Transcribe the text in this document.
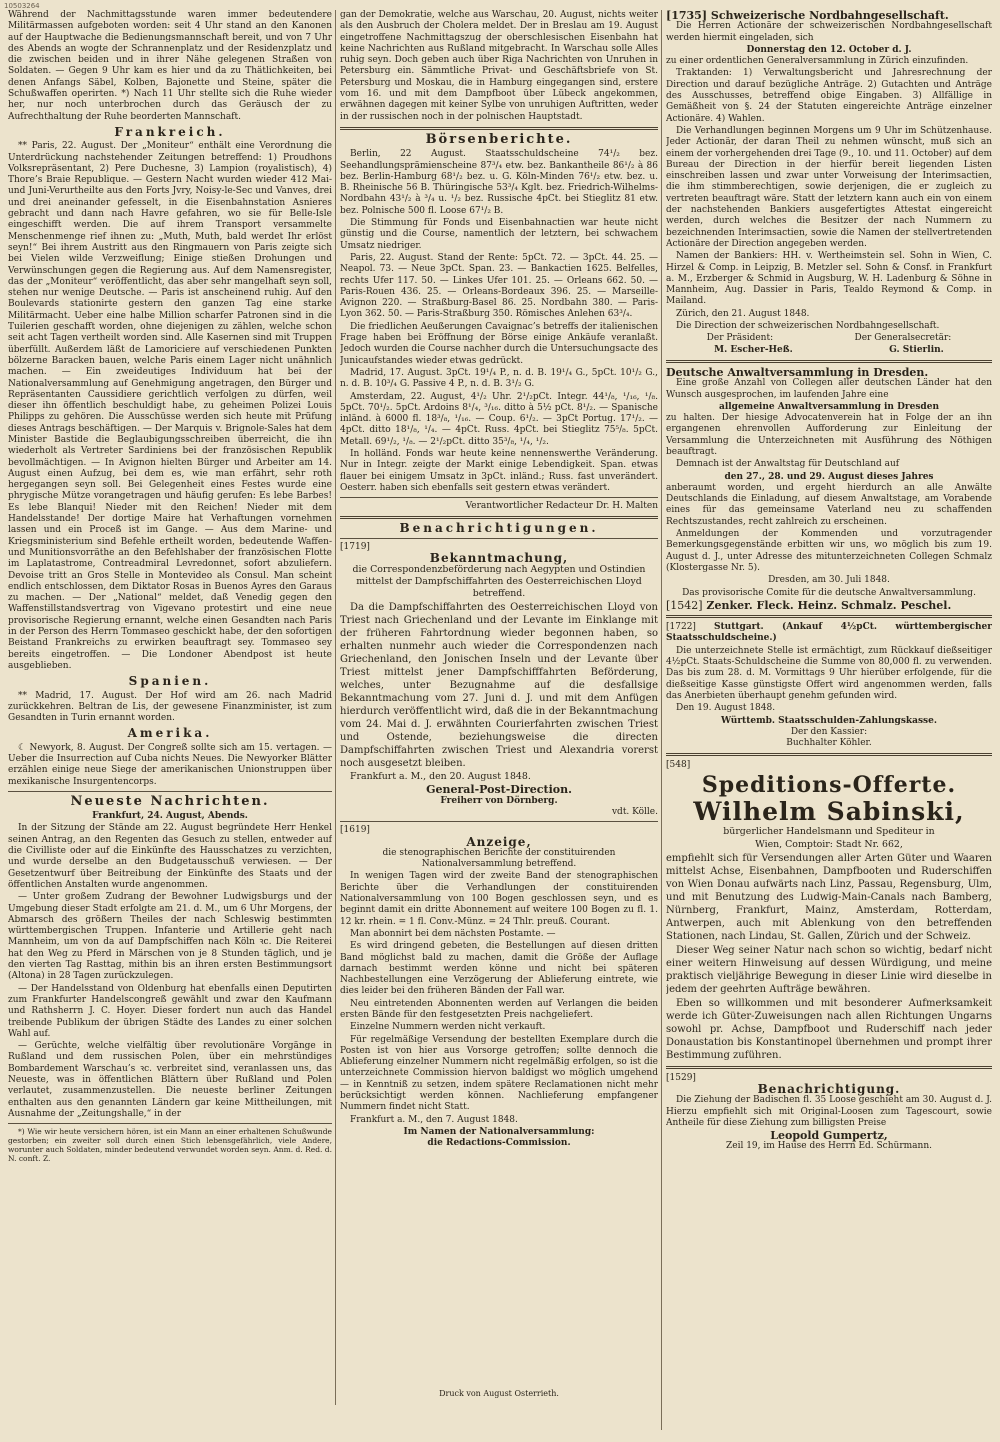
10503264

Während der Nachmittagsstunde waren immer bedeutendere Militärmassen aufgeboten worden: seit 4 Uhr stand an den Kanonen auf der Hauptwache die Bedienungsmannschaft bereit, und von 7 Uhr des Abends an wogte der Schrannenplatz und der Residenzplatz und die zwischen beiden und in ihrer Nähe gelegenen Straßen von Soldaten. — Gegen 9 Uhr kam es hier und da zu Thätlichkeiten, bei denen Anfangs Säbel, Kolben, Bajonette und Steine, später die Schußwaffen operirten. *) Nach 11 Uhr stellte sich die Ruhe wieder her, nur noch unterbrochen durch das Geräusch der zu Aufrechthaltung der Ruhe beorderten Mannschaft.

Frankreich.

** Paris, 22. August. Der „Moniteur“ enthält eine Verordnung die Unterdrückung nachstehender Zeitungen betreffend: 1) Proudhons Volksrepräsentant, 2) Pere Duchesne, 3) Lampion (royalistisch), 4) Thore’s Braie Republique. — Gestern Nacht wurden wieder 412 Mai- und Juni-Verurtheilte aus den Forts Jvry, Noisy-le-Sec und Vanves, drei und drei aneinander gefesselt, in die Eisenbahnstation Asnieres gebracht und dann nach Havre gefahren, wo sie für Belle-Isle eingeschifft werden. Die auf ihrem Transport versammelte Menschenmenge rief ihnen zu: „Muth, Muth, bald werdet Ihr erlöst seyn!“ Bei ihrem Austritt aus den Ringmauern von Paris zeigte sich bei Vielen wilde Verzweiflung; Einige stießen Drohungen und Verwünschungen gegen die Regierung aus. Auf dem Namensregister, das der „Moniteur“ veröffentlicht, das aber sehr mangelhaft seyn soll, stehen nur wenige Deutsche. — Paris ist anscheinend ruhig. Auf den Boulevards stationirte gestern den ganzen Tag eine starke Militärmacht. Ueber eine halbe Million scharfer Patronen sind in die Tuilerien geschafft worden, ohne diejenigen zu zählen, welche schon seit acht Tagen vertheilt worden sind. Alle Kasernen sind mit Truppen überfüllt. Außerdem läßt de Lamoriciere auf verschiedenen Punkten bölzerne Baracken bauen, welche Paris einem Lager nicht unähnlich machen. — Ein zweideutiges Individuum hat bei der Nationalversammlung auf Genehmigung angetragen, den Bürger und Repräsentanten Caussidiere gerichtlich verfolgen zu dürfen, weil dieser ihn öffentlich beschuldigt habe, zu geheimen Polizei Louis Philipps zu gehören. Die Ausschüsse werden sich heute mit Prüfung dieses Antrags beschäftigen. — Der Marquis v. Brignole-Sales hat dem Minister Bastide die Beglaubigungsschreiben überreicht, die ihn wiederholt als Vertreter Sardiniens bei der französischen Republik bevollmächtigen. — In Avignon hielten Bürger und Arbeiter am 14. August einen Aufzug, bei dem es, wie man erfährt, sehr roth hergegangen seyn soll. Bei Gelegenheit eines Festes wurde eine phrygische Mütze vorangetragen und häufig gerufen: Es lebe Barbes! Es lebe Blanqui! Nieder mit den Reichen! Nieder mit dem Handelsstande! Der dortige Maire hat Verhaftungen vornehmen lassen und ein Proceß ist im Gange. — Aus dem Marine- und Kriegsministerium sind Befehle ertheilt worden, bedeutende Waffen- und Munitionsvorräthe an den Befehlshaber der französischen Flotte im Laplatastrome, Contreadmiral Levredonnet, sofort abzuliefern. Devoise tritt an Gros Stelle in Montevideo als Consul. Man scheint endlich entschlossen, dem Diktator Rosas in Buenos Ayres den Garaus zu machen. — Der „National“ meldet, daß Venedig gegen den Waffenstillstandsvertrag von Vigevano protestirt und eine neue provisorische Regierung ernannt, welche einen Gesandten nach Paris in der Person des Herrn Tommaseo geschickt habe, der den sofortigen Beistand Frankreichs zu erwirken beauftragt sey. Tommaseo sey bereits eingetroffen. — Die Londoner Abendpost ist heute ausgeblieben.

Spanien.

** Madrid, 17. August. Der Hof wird am 26. nach Madrid zurückkehren. Beltran de Lis, der gewesene Finanzminister, ist zum Gesandten in Turin ernannt worden.

Amerika.

☾ Newyork, 8. August. Der Congreß sollte sich am 15. vertagen. — Ueber die Insurrection auf Cuba nichts Neues. Die Newyorker Blätter erzählen einige neue Siege der amerikanischen Unionstruppen über mexikanische Insurgentencorps.

Neueste Nachrichten.

Frankfurt, 24. August, Abends.

In der Sitzung der Stände am 22. August begründete Herr Henkel seinen Antrag, an den Regenten das Gesuch zu stellen, entweder auf die Civilliste oder auf die Einkünfte des Hausschatzes zu verzichten, und wurde derselbe an den Budgetausschuß verwiesen. — Der Gesetzentwurf über Beitreibung der Einkünfte des Staats und der öffentlichen Anstalten wurde angenommen.

— Unter großem Zudrang der Bewohner Ludwigsburgs und der Umgebung dieser Stadt erfolgte am 21. d. M., um 6 Uhr Morgens, der Abmarsch des größern Theiles der nach Schleswig bestimmten württembergischen Truppen. Infanterie und Artillerie geht nach Mannheim, um von da auf Dampfschiffen nach Köln ꝛc. Die Reiterei hat den Weg zu Pferd in Märschen von je 8 Stunden täglich, und je den vierten Tag Rasttag, mithin bis an ihren ersten Bestimmungsort (Altona) in 28 Tagen zurückzulegen.

— Der Handelsstand von Oldenburg hat ebenfalls einen Deputirten zum Frankfurter Handelscongreß gewählt und zwar den Kaufmann und Rathsherrn J. C. Hoyer. Dieser fordert nun auch das Handel treibende Publikum der übrigen Städte des Landes zu einer solchen Wahl auf.

— Gerüchte, welche vielfältig über revolutionäre Vorgänge in Rußland und dem russischen Polen, über ein mehrstündiges Bombardement Warschau’s ꝛc. verbreitet sind, veranlassen uns, das Neueste, was in öffentlichen Blättern über Rußland und Polen verlautet, zusammenzustellen. Die neueste berliner Zeitungen enthalten aus den genannten Ländern gar keine Mittheilungen, mit Ausnahme der „Zeitungshalle,“ in der

*) Wie wir heute versichern hören, ist ein Mann an einer erhaltenen Schußwunde gestorben; ein zweiter soll durch einen Stich lebensgefährlich, viele Andere, worunter auch Soldaten, minder bedeutend verwundet worden seyn. Anm. d. Red. d. N. conft. Z.

gan der Demokratie, welche aus Warschau, 20. August, nichts weiter als den Ausbruch der Cholera meldet. Der in Breslau am 19. August eingetroffene Nachmittagszug der oberschlesischen Eisenbahn hat keine Nachrichten aus Rußland mitgebracht. In Warschau solle Alles ruhig seyn. Doch geben auch über Riga Nachrichten von Unruhen in Petersburg ein. Sämmtliche Privat- und Geschäftsbriefe von St. Petersburg und Moskau, die in Hamburg eingegangen sind, erstere vom 16. und mit dem Dampfboot über Lübeck angekommen, erwähnen dagegen mit keiner Sylbe von unruhigen Auftritten, weder in der russischen noch in der polnischen Hauptstadt.

Börsenberichte.

Berlin, 22 August. Staatsschuldscheine 74¹/₂ bez. Seehandlungsprämienscheine 87³/₄ etw. bez. Bankantheile 86¹/₂ à 86 bez. Berlin-Hamburg 68¹/₂ bez. u. G. Köln-Minden 76¹/₂ etw. bez. u. B. Rheinische 56 B. Thüringische 53³/₄ Kglt. bez. Friedrich-Wilhelms-Nordbahn 43¹/₂ à ³/₄ u. ¹/₂ bez. Russische 4pCt. bei Stieglitz 81 etw. bez. Polnische 500 fl. Loose 67¹/₂ B.

Die Stimmung für Fonds und Eisenbahnactien war heute nicht günstig und die Course, namentlich der letztern, bei schwachem Umsatz niedriger.

Paris, 22. August. Stand der Rente: 5pCt. 72. — 3pCt. 44. 25. — Neapol. 73. — Neue 3pCt. Span. 23. — Bankactien 1625. Belfelles, rechts Ufer 117. 50. — Linkes Ufer 101. 25. — Orleans 662. 50. — Paris-Rouen 436. 25. — Orleans-Bordeaux 396. 25. — Marseille-Avignon 220. — Straßburg-Basel 86. 25. Nordbahn 380. — Paris-Lyon 362. 50. — Paris-Straßburg 350. Römisches Anlehen 63³/₄.

Die friedlichen Aeußerungen Cavaignac’s betreffs der italienischen Frage haben bei Eröffnung der Börse einige Ankäufe veranlaßt. Jedoch wurden die Course nachher durch die Untersuchungsacte des Junicaufstandes wieder etwas gedrückt.

Madrid, 17. August. 3pCt. 19¹/₄ P., n. d. B. 19¹/₄ G., 5pCt. 10¹/₂ G., n. d. B. 10³/₄ G. Passive 4 P., n. d. B. 3¹/₂ G.

Amsterdam, 22. August, 4¹/₂ Uhr. 2¹/₂pCt. Integr. 44¹/₈, ¹/₁₆, ¹/₈. 5pCt. 70¹/₂. 5pCt. Ardoins 8¹/₄, ³/₁₆. ditto à 5½ pCt. 8¹/₂. — Spanische inländ. à 6000 fl. 18³/₈, ¹/₁₆. — Coup. 6¹/₂. — 3pCt Portug. 17¹/₂. — 4pCt. ditto 18¹/₈, ¹/₄. — 4pCt. Russ. 4pCt. bei Stieglitz 75⁵/₈. 5pCt. Metall. 69¹/₂, ¹/₈. — 2¹/₂pCt. ditto 35³/₈, ¹/₄, ¹/₂.

In holländ. Fonds war heute keine nennenswerthe Veränderung. Nur in Integr. zeigte der Markt einige Lebendigkeit. Span. etwas flauer bei einigem Umsatz in 3pCt. inländ.; Russ. fast unverändert. Oesterr. haben sich ebenfalls seit gestern etwas verändert.

Verantwortlicher Redacteur Dr. H. Malten

Benachrichtigungen.
[1719]
Bekanntmachung,

die Correspondenzbeförderung nach Aegypten und Ostindien mittelst der Dampfschiffahrten des Oesterreichischen Lloyd betreffend.

Da die Dampfschiffahrten des Oesterreichischen Lloyd von Triest nach Griechenland und der Levante im Einklange mit der früheren Fahrtordnung wieder begonnen haben, so erhalten nunmehr auch wieder die Correspondenzen nach Griechenland, den Jonischen Inseln und der Levante über Triest mittelst jener Dampfschifffahrten Beförderung, welches, unter Bezugnahme auf die desfallsige Bekanntmachung vom 27. Juni d. J. und mit dem Anfügen hierdurch veröffentlicht wird, daß die in der Bekanntmachung vom 24. Mai d. J. erwähnten Courierfahrten zwischen Triest und Ostende, beziehungsweise die directen Dampfschiffahrten zwischen Triest und Alexandria vorerst noch ausgesetzt bleiben.

Frankfurt a. M., den 20. August 1848.

General-Post-Direction.
Freiherr von Dörnberg.
vdt. Kölle.
[1619]
Anzeige,

die stenographischen Berichte der constituirenden Nationalversammlung betreffend.

In wenigen Tagen wird der zweite Band der stenographischen Berichte über die Verhandlungen der constituirenden Nationalversammlung von 100 Bogen geschlossen seyn, und es beginnt damit ein dritte Abonnement auf weitere 100 Bogen zu fl. 1. 12 kr. rhein. = 1 fl. Conv.-Münz. = 24 Thlr. preuß. Courant.

Man abonnirt bei dem nächsten Postamte. —

Es wird dringend gebeten, die Bestellungen auf diesen dritten Band möglichst bald zu machen, damit die Größe der Auflage darnach bestimmt werden könne und nicht bei späteren Nachbestellungen eine Verzögerung der Ablieferung eintrete, wie dies leider bei den früheren Bänden der Fall war.

Neu eintretenden Abonnenten werden auf Verlangen die beiden ersten Bände für den festgesetzten Preis nachgeliefert.

Einzelne Nummern werden nicht verkauft.

Für regelmäßige Versendung der bestellten Exemplare durch die Posten ist von hier aus Vorsorge getroffen; sollte dennoch die Ablieferung einzelner Nummern nicht regelmäßig erfolgen, so ist die unterzeichnete Commission hiervon baldigst wo möglich umgehend — in Kenntniß zu setzen, indem spätere Reclamationen nicht mehr berücksichtigt werden können. Nachlieferung empfangener Nummern findet nicht Statt.

Frankfurt a. M., den 7. August 1848.

Im Namen der Nationalversammlung:
die Redactions-Commission.
Druck von August Osterrieth.
[1735] Schweizerische Nordbahngesellschaft.

Die Herren Actionäre der schweizerischen Nordbahngesellschaft werden hiermit eingeladen, sich

Donnerstag den 12. October d. J.

zu einer ordentlichen Generalversammlung in Zürich einzufinden.

Traktanden: 1) Verwaltungsbericht und Jahresrechnung der Direction und darauf bezügliche Anträge. 2) Gutachten und Anträge des Ausschusses, betreffend obige Eingaben. 3) Allfällige in Gemäßheit von §. 24 der Statuten eingereichte Anträge einzelner Actionäre. 4) Wahlen.

Die Verhandlungen beginnen Morgens um 9 Uhr im Schützenhause. Jeder Actionär, der daran Theil zu nehmen wünscht, muß sich an einem der vorhergehenden drei Tage (9., 10. und 11. October) auf dem Bureau der Direction in der hierfür bereit liegenden Listen einschreiben lassen und zwar unter Vorweisung der Interimsactien, die ihm stimmberechtigen, sowie derjenigen, die er zugleich zu vertreten beauftragt wäre. Statt der letztern kann auch ein von einem der nachstehenden Bankiers ausgefertigtes Attestat eingereicht werden, durch welches die Besitzer der nach Nummern zu bezeichnenden Interimsactien, sowie die Namen der stellvertretenden Actionäre der Direction angegeben werden.

Namen der Bankiers: HH. v. Wertheimstein sel. Sohn in Wien, C. Hirzel & Comp. in Leipzig, B. Metzler sel. Sohn & Consf. in Frankfurt a. M., Erzberger & Schmid in Augsburg, W. H. Ladenburg & Söhne in Mannheim, Aug. Dassier in Paris, Tealdo Reymond & Comp. in Mailand.

Zürich, den 21. August 1848.

Die Direction der schweizerischen Nordbahngesellschaft.

Der Präsident:	Der Generalsecretär:
M. Escher-Heß.	G. Stierlin.
Deutsche Anwaltversammlung in Dresden.

Eine große Anzahl von Collegen aller deutschen Länder hat den Wunsch ausgesprochen, im laufenden Jahre eine

allgemeine Anwaltversammlung in Dresden

zu halten. Der hiesige Advocatenverein hat in Folge der an ihn ergangenen ehrenvollen Aufforderung zur Einleitung der Versammlung die Unterzeichneten mit Ausführung des Nöthigen beauftragt.

Demnach ist der Anwaltstag für Deutschland auf

den 27., 28. und 29. August dieses Jahres

anberaumt worden, und ergeht hierdurch an alle Anwälte Deutschlands die Einladung, auf diesem Anwaltstage, am Vorabende eines für das gemeinsame Vaterland neu zu schaffenden Rechtszustandes, recht zahlreich zu erscheinen.

Anmeldungen der Kommenden und vorzutragender Bemerkungsgegenstände erbitten wir uns, wo möglich bis zum 19. August d. J., unter Adresse des mitunterzeichneten Collegen Schmalz (Klostergasse Nr. 5).

Dresden, am 30. Juli 1848.

Das provisorische Comite für die deutsche Anwaltversammlung.

[1542] Zenker. Fleck. Heinz. Schmalz. Peschel.

[1722] Stuttgart. (Ankauf 4½pCt. württembergischer Staatsschuldscheine.)

Die unterzeichnete Stelle ist ermächtigt, zum Rückkauf dießseitiger 4½pCt. Staats-Schuldscheine die Summe von 80,000 fl. zu verwenden. Das bis zum 28. d. M. Vormittags 9 Uhr hierüber erfolgende, für die dießseitige Kasse günstigste Offert wird angenommen werden, falls das Anerbieten überhaupt genehm gefunden wird.

Den 19. August 1848.

Württemb. Staatsschulden-Zahlungskasse.
Der den Kassier:
Buchhalter Köhler.
[548]
Speditions-Offerte.
Wilhelm Sabinski,

bürgerlicher Handelsmann und Spediteur in

Wien, Comptoir: Stadt Nr. 662,

empfiehlt sich für Versendungen aller Arten Güter und Waaren mittelst Achse, Eisenbahnen, Dampfbooten und Ruderschiffen von Wien Donau aufwärts nach Linz, Passau, Regensburg, Ulm, und mit Benutzung des Ludwig-Main-Canals nach Bamberg, Nürnberg, Frankfurt, Mainz, Amsterdam, Rotterdam, Antwerpen, auch mit Ablenkung von den betreffenden Stationen, nach Lindau, St. Gallen, Zürich und der Schweiz.

Dieser Weg seiner Natur nach schon so wichtig, bedarf nicht einer weitern Hinweisung auf dessen Würdigung, und meine praktisch vieljährige Bewegung in dieser Linie wird dieselbe in jedem der geehrten Aufträge bewähren.

Eben so willkommen und mit besonderer Aufmerksamkeit werde ich Güter-Zuweisungen nach allen Richtungen Ungarns sowohl pr. Achse, Dampfboot und Ruderschiff nach jeder Donaustation bis Konstantinopel übernehmen und prompt ihrer Bestimmung zuführen.

[1529]
Benachrichtigung.

Die Ziehung der Badischen fl. 35 Loose geschieht am 30. August d. J. Hierzu empfiehlt sich mit Original-Loosen zum Tagescourt, sowie Antheile für diese Ziehung zum billigsten Preise

Leopold Gumpertz,
Zeil 19, im Hause des Herrn Ed. Schürmann.
